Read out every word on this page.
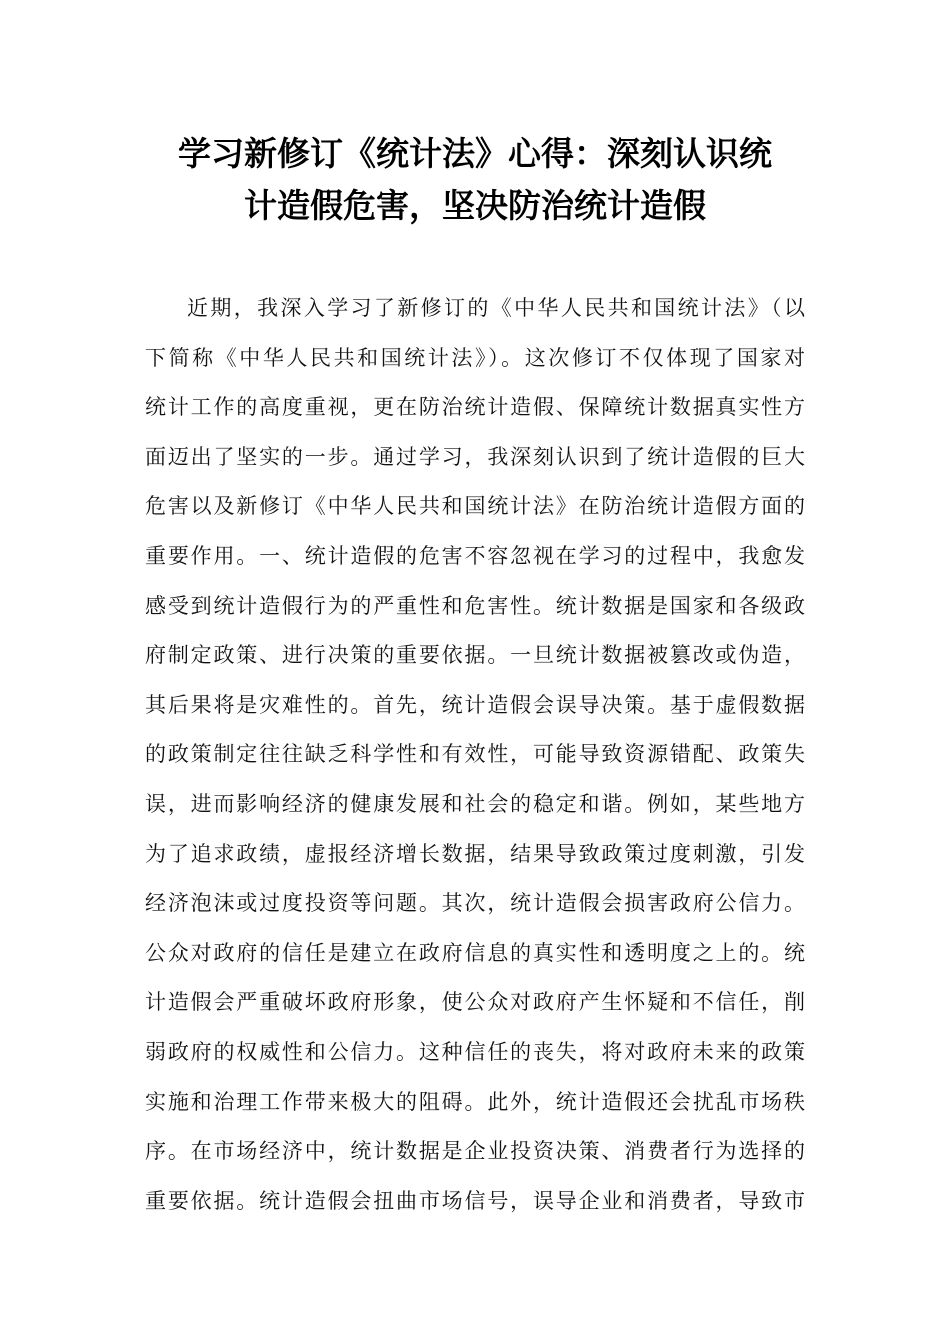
学习新修订《统计法》心得：深刻认识统
计造假危害，坚决防治统计造假
近期，我深入学习了新修订的《中华人民共和国统计法》（以
下简称《中华人民共和国统计法》）。这次修订不仅体现了国家对
统计工作的高度重视，更在防治统计造假、保障统计数据真实性方
面迈出了坚实的一步。通过学习，我深刻认识到了统计造假的巨大
危害以及新修订《中华人民共和国统计法》在防治统计造假方面的
重要作用。一、统计造假的危害不容忽视在学习的过程中，我愈发
感受到统计造假行为的严重性和危害性。统计数据是国家和各级政
府制定政策、进行决策的重要依据。一旦统计数据被篡改或伪造，
其后果将是灾难性的。首先，统计造假会误导决策。基于虚假数据
的政策制定往往缺乏科学性和有效性，可能导致资源错配、政策失
误，进而影响经济的健康发展和社会的稳定和谐。例如，某些地方
为了追求政绩，虚报经济增长数据，结果导致政策过度刺激，引发
经济泡沫或过度投资等问题。其次，统计造假会损害政府公信力。
公众对政府的信任是建立在政府信息的真实性和透明度之上的。统
计造假会严重破坏政府形象，使公众对政府产生怀疑和不信任，削
弱政府的权威性和公信力。这种信任的丧失，将对政府未来的政策
实施和治理工作带来极大的阻碍。此外，统计造假还会扰乱市场秩
序。在市场经济中，统计数据是企业投资决策、消费者行为选择的
重要依据。统计造假会扭曲市场信号，误导企业和消费者，导致市
